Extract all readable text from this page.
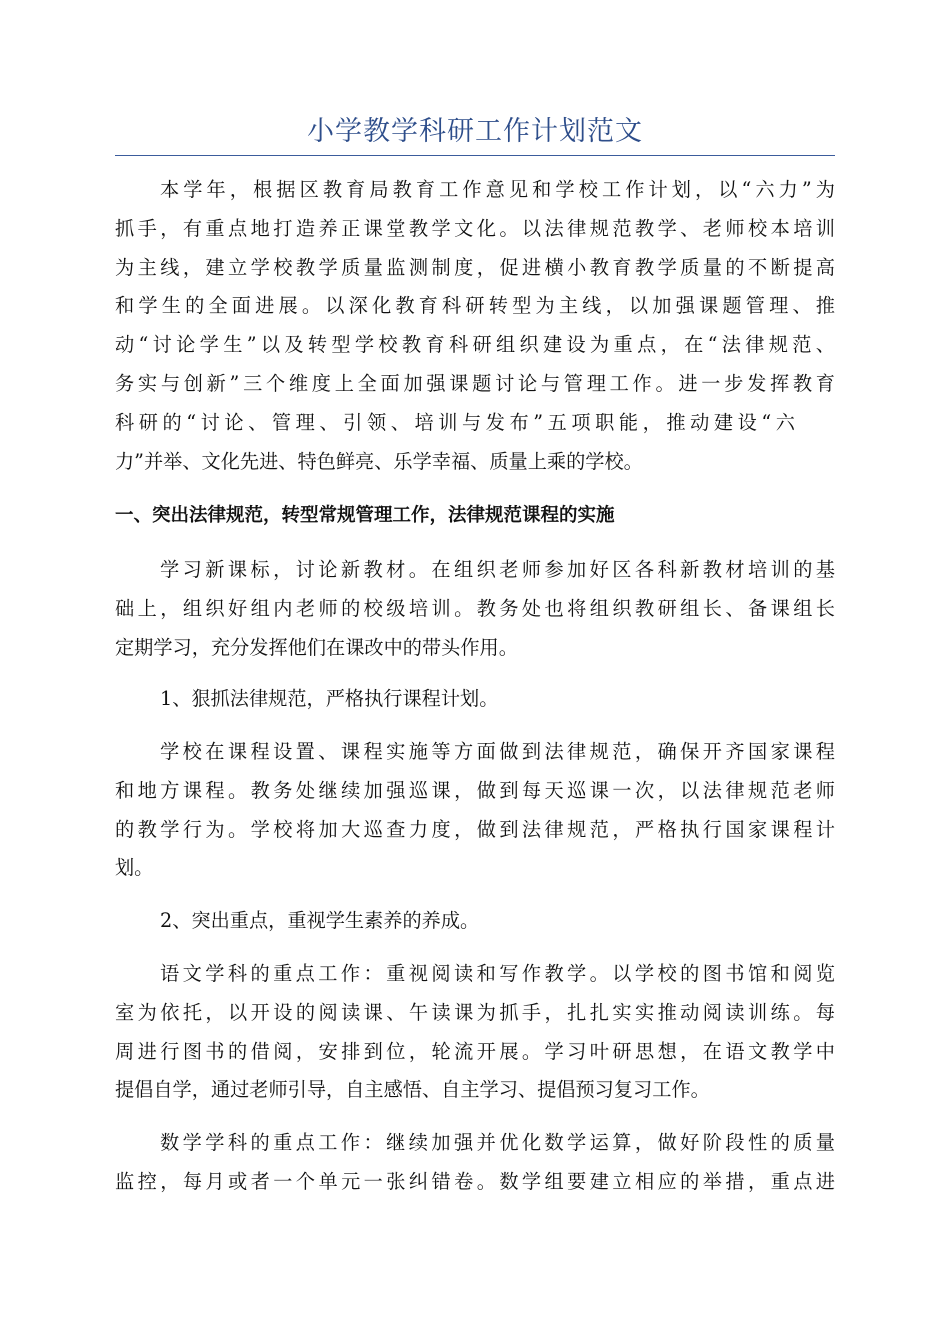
小学教学科研工作计划范文
本学年，根据区教育局教育工作意见和学校工作计划，以“六力”为
抓手，有重点地打造养正课堂教学文化。以法律规范教学、老师校本培训
为主线，建立学校教学质量监测制度，促进横小教育教学质量的不断提高
和学生的全面进展。以深化教育科研转型为主线，以加强课题管理、推
动“讨论学生”以及转型学校教育科研组织建设为重点，在“法律规范、
务实与创新”三个维度上全面加强课题讨论与管理工作。进一步发挥教育
科研的“讨论、管理、引领、培训与发布”五项职能，推动建设“六
力”并举、文化先进、特色鲜亮、乐学幸福、质量上乘的学校。
一、突出法律规范，转型常规管理工作，法律规范课程的实施
学习新课标，讨论新教材。在组织老师参加好区各科新教材培训的基
础上，组织好组内老师的校级培训。教务处也将组织教研组长、备课组长
定期学习，充分发挥他们在课改中的带头作用。
1、狠抓法律规范，严格执行课程计划。
学校在课程设置、课程实施等方面做到法律规范，确保开齐国家课程
和地方课程。教务处继续加强巡课，做到每天巡课一次，以法律规范老师
的教学行为。学校将加大巡查力度，做到法律规范，严格执行国家课程计
划。
2、突出重点，重视学生素养的养成。
语文学科的重点工作：重视阅读和写作教学。以学校的图书馆和阅览
室为依托，以开设的阅读课、午读课为抓手，扎扎实实推动阅读训练。每
周进行图书的借阅，安排到位，轮流开展。学习叶研思想，在语文教学中
提倡自学，通过老师引导，自主感悟、自主学习、提倡预习复习工作。
数学学科的重点工作：继续加强并优化数学运算，做好阶段性的质量
监控，每月或者一个单元一张纠错卷。数学组要建立相应的举措，重点进
